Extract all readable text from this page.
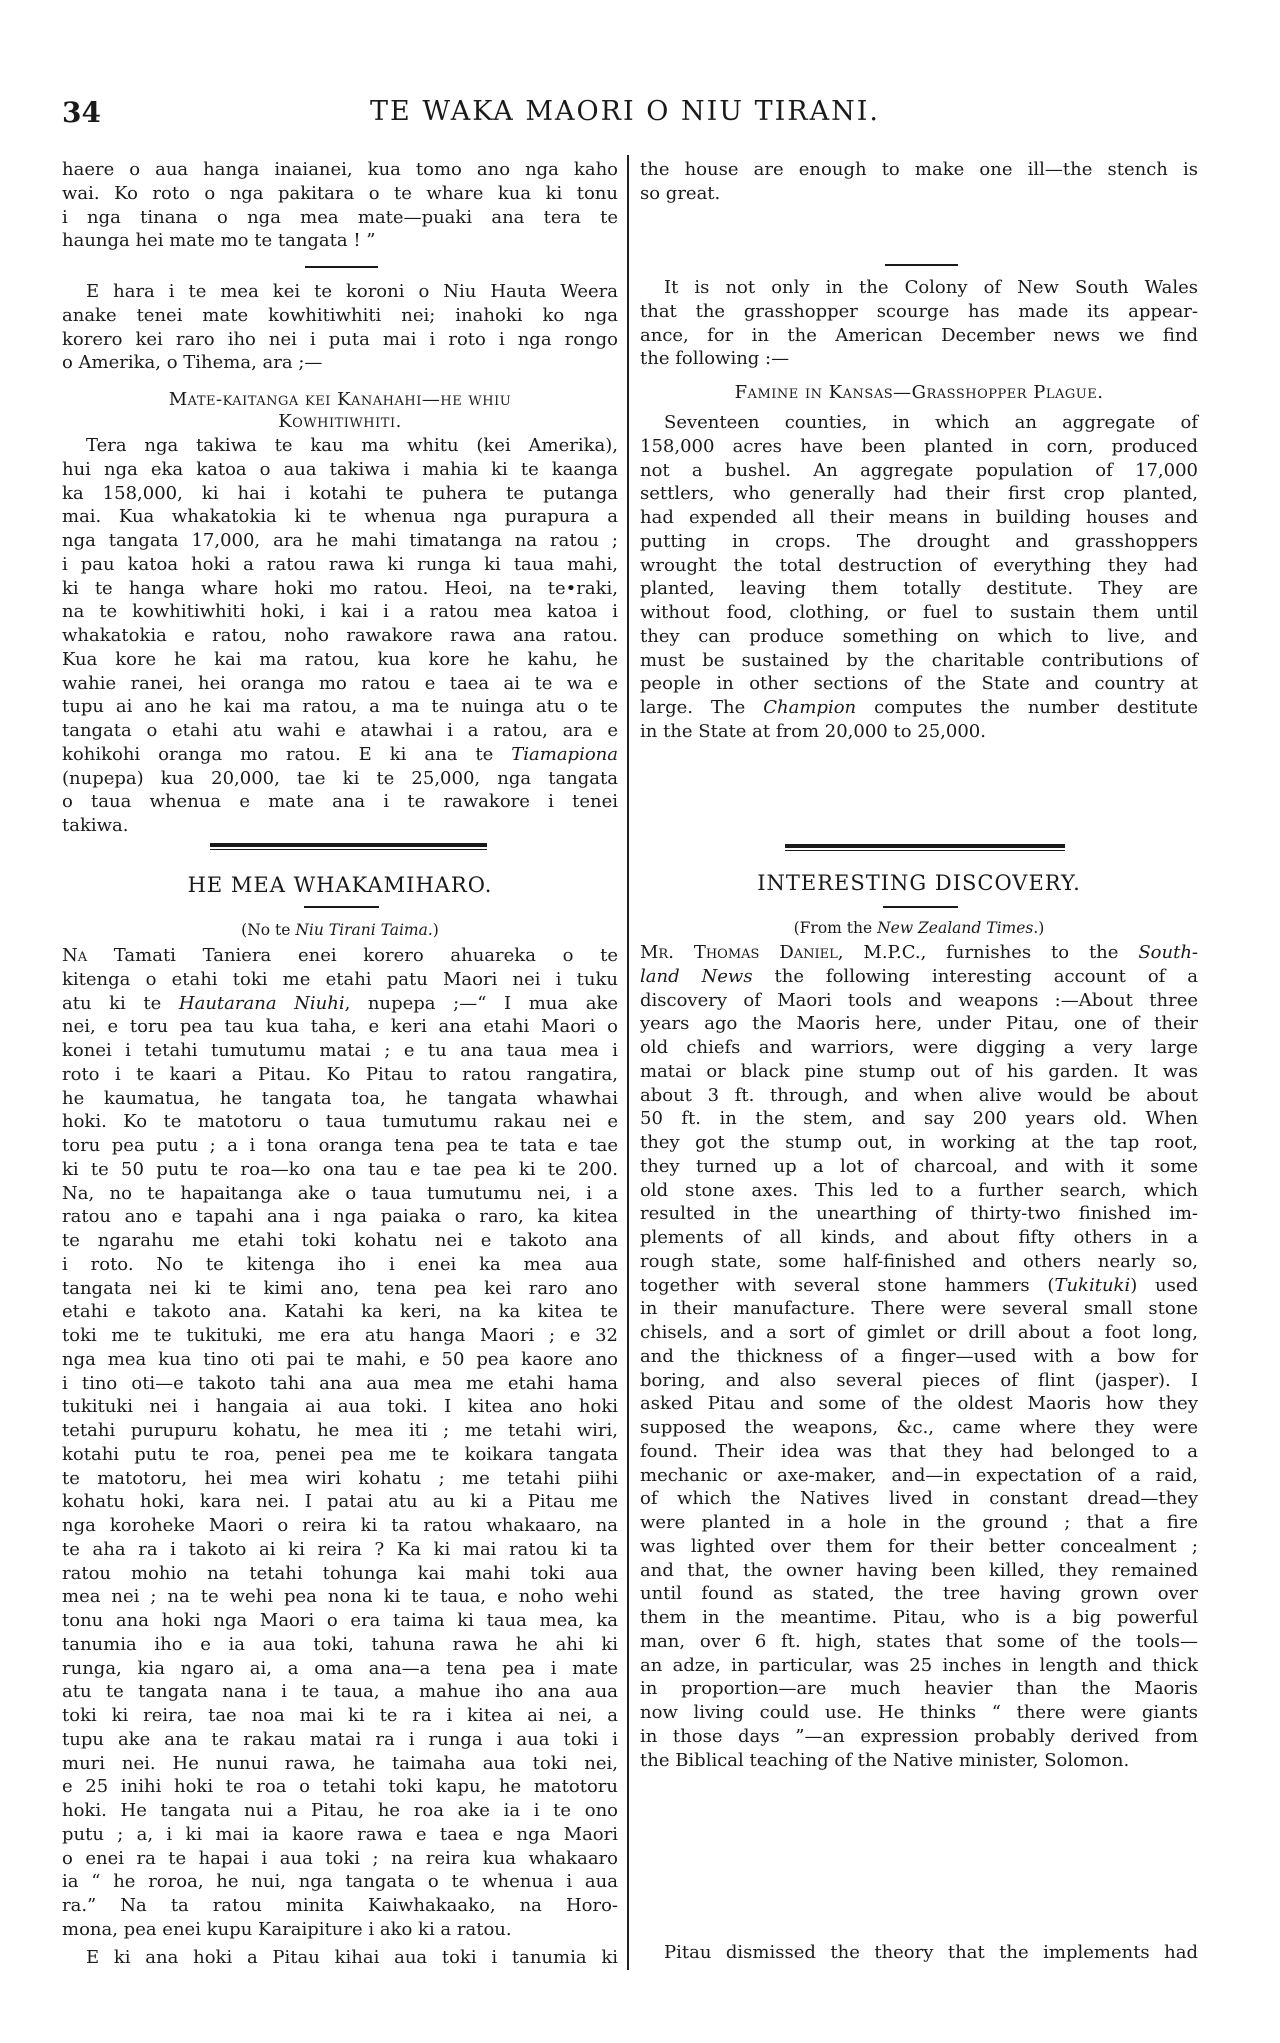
34	TE WAKA MAORI O NIU TIRANI.
haere o aua hanga inaianei, kua tomo ano nga kaho
wai. Ko roto o nga pakitara o te whare kua ki tonu
i nga tinana o nga mea mate—puaki ana tera te
haunga hei mate mo te tangata ! ”
E hara i te mea kei te koroni o Niu Hauta Weera
anake tenei mate kowhitiwhiti nei; inahoki ko nga
korero kei raro iho nei i puta mai i roto i nga rongo
o Amerika, o Tihema, ara ;—
Mate-kaitanga kei Kanahahi—he whiu
Kowhitiwhiti.
Tera nga takiwa te kau ma whitu (kei Amerika),
hui nga eka katoa o aua takiwa i mahia ki te kaanga
ka 158,000, ki hai i kotahi te puhera te putanga
mai. Kua whakatokia ki te whenua nga purapura a
nga tangata 17,000, ara he mahi timatanga na ratou ;
i pau katoa hoki a ratou rawa ki runga ki taua mahi,
ki te hanga whare hoki mo ratou. Heoi, na te•raki,
na te kowhitiwhiti hoki, i kai i a ratou mea katoa i
whakatokia e ratou, noho rawakore rawa ana ratou.
Kua kore he kai ma ratou, kua kore he kahu, he
wahie ranei, hei oranga mo ratou e taea ai te wa e
tupu ai ano he kai ma ratou, a ma te nuinga atu o te
tangata o etahi atu wahi e atawhai i a ratou, ara e
kohikohi oranga mo ratou. E ki ana te Tiamapiona
(nupepa) kua 20,000, tae ki te 25,000, nga tangata
o taua whenua e mate ana i te rawakore i tenei
takiwa.
HE MEA WHAKAMIHARO.
(No te Niu Tirani Taima.)
Na Tamati Taniera enei korero ahuareka o te
kitenga o etahi toki me etahi patu Maori nei i tuku
atu ki te Hautarana Niuhi, nupepa ;—“ I mua ake
nei, e toru pea tau kua taha, e keri ana etahi Maori o
konei i tetahi tumutumu matai ; e tu ana taua mea i
roto i te kaari a Pitau. Ko Pitau to ratou rangatira,
he kaumatua, he tangata toa, he tangata whawhai
hoki. Ko te matotoru o taua tumutumu rakau nei e
toru pea putu ; a i tona oranga tena pea te tata e tae
ki te 50 putu te roa—ko ona tau e tae pea ki te 200.
Na, no te hapaitanga ake o taua tumutumu nei, i a
ratou ano e tapahi ana i nga paiaka o raro, ka kitea
te ngarahu me etahi toki kohatu nei e takoto ana
i roto. No te kitenga iho i enei ka mea aua
tangata nei ki te kimi ano, tena pea kei raro ano
etahi e takoto ana. Katahi ka keri, na ka kitea te
toki me te tukituki, me era atu hanga Maori ; e 32
nga mea kua tino oti pai te mahi, e 50 pea kaore ano
i tino oti—e takoto tahi ana aua mea me etahi hama
tukituki nei i hangaia ai aua toki. I kitea ano hoki
tetahi purupuru kohatu, he mea iti ; me tetahi wiri,
kotahi putu te roa, penei pea me te koikara tangata
te matotoru, hei mea wiri kohatu ; me tetahi piihi
kohatu hoki, kara nei. I patai atu au ki a Pitau me
nga koroheke Maori o reira ki ta ratou whakaaro, na
te aha ra i takoto ai ki reira ? Ka ki mai ratou ki ta
ratou mohio na tetahi tohunga kai mahi toki aua
mea nei ; na te wehi pea nona ki te taua, e noho wehi
tonu ana hoki nga Maori o era taima ki taua mea, ka
tanumia iho e ia aua toki, tahuna rawa he ahi ki
runga, kia ngaro ai, a oma ana—a tena pea i mate
atu te tangata nana i te taua, a mahue iho ana aua
toki ki reira, tae noa mai ki te ra i kitea ai nei, a
tupu ake ana te rakau matai ra i runga i aua toki i
muri nei. He nunui rawa, he taimaha aua toki nei,
e 25 inihi hoki te roa o tetahi toki kapu, he matotoru
hoki. He tangata nui a Pitau, he roa ake ia i te ono
putu ; a, i ki mai ia kaore rawa e taea e nga Maori
o enei ra te hapai i aua toki ; na reira kua whakaaro
ia “ he roroa, he nui, nga tangata o te whenua i aua
ra.” Na ta ratou minita Kaiwhakaako, na Horo-
mona, pea enei kupu Karaipiture i ako ki a ratou.
E ki ana hoki a Pitau kihai aua toki i tanumia ki
the house are enough to make one ill—the stench is
so great.
It is not only in the Colony of New South Wales
that the grasshopper scourge has made its appear-
ance, for in the American December news we find
the following :—
Famine in Kansas—Grasshopper Plague.
Seventeen counties, in which an aggregate of
158,000 acres have been planted in corn, produced
not a bushel. An aggregate population of 17,000
settlers, who generally had their first crop planted,
had expended all their means in building houses and
putting in crops. The drought and grasshoppers
wrought the total destruction of everything they had
planted, leaving them totally destitute. They are
without food, clothing, or fuel to sustain them until
they can produce something on which to live, and
must be sustained by the charitable contributions of
people in other sections of the State and country at
large. The Champion computes the number destitute
in the State at from 20,000 to 25,000.
INTERESTING DISCOVERY.
(From the New Zealand Times.)
Mr. Thomas Daniel, M.P.C., furnishes to the South-
land News the following interesting account of a
discovery of Maori tools and weapons :—About three
years ago the Maoris here, under Pitau, one of their
old chiefs and warriors, were digging a very large
matai or black pine stump out of his garden. It was
about 3 ft. through, and when alive would be about
50 ft. in the stem, and say 200 years old. When
they got the stump out, in working at the tap root,
they turned up a lot of charcoal, and with it some
old stone axes. This led to a further search, which
resulted in the unearthing of thirty-two finished im-
plements of all kinds, and about fifty others in a
rough state, some half-finished and others nearly so,
together with several stone hammers (Tukituki) used
in their manufacture. There were several small stone
chisels, and a sort of gimlet or drill about a foot long,
and the thickness of a finger—used with a bow for
boring, and also several pieces of flint (jasper). I
asked Pitau and some of the oldest Maoris how they
supposed the weapons, &c., came where they were
found. Their idea was that they had belonged to a
mechanic or axe-maker, and—in expectation of a raid,
of which the Natives lived in constant dread—they
were planted in a hole in the ground ; that a fire
was lighted over them for their better concealment ;
and that, the owner having been killed, they remained
until found as stated, the tree having grown over
them in the meantime. Pitau, who is a big powerful
man, over 6 ft. high, states that some of the tools—
an adze, in particular, was 25 inches in length and thick
in proportion—are much heavier than the Maoris
now living could use. He thinks “ there were giants
in those days ”—an expression probably derived from
the Biblical teaching of the Native minister, Solomon.
Pitau dismissed the theory that the implements had
